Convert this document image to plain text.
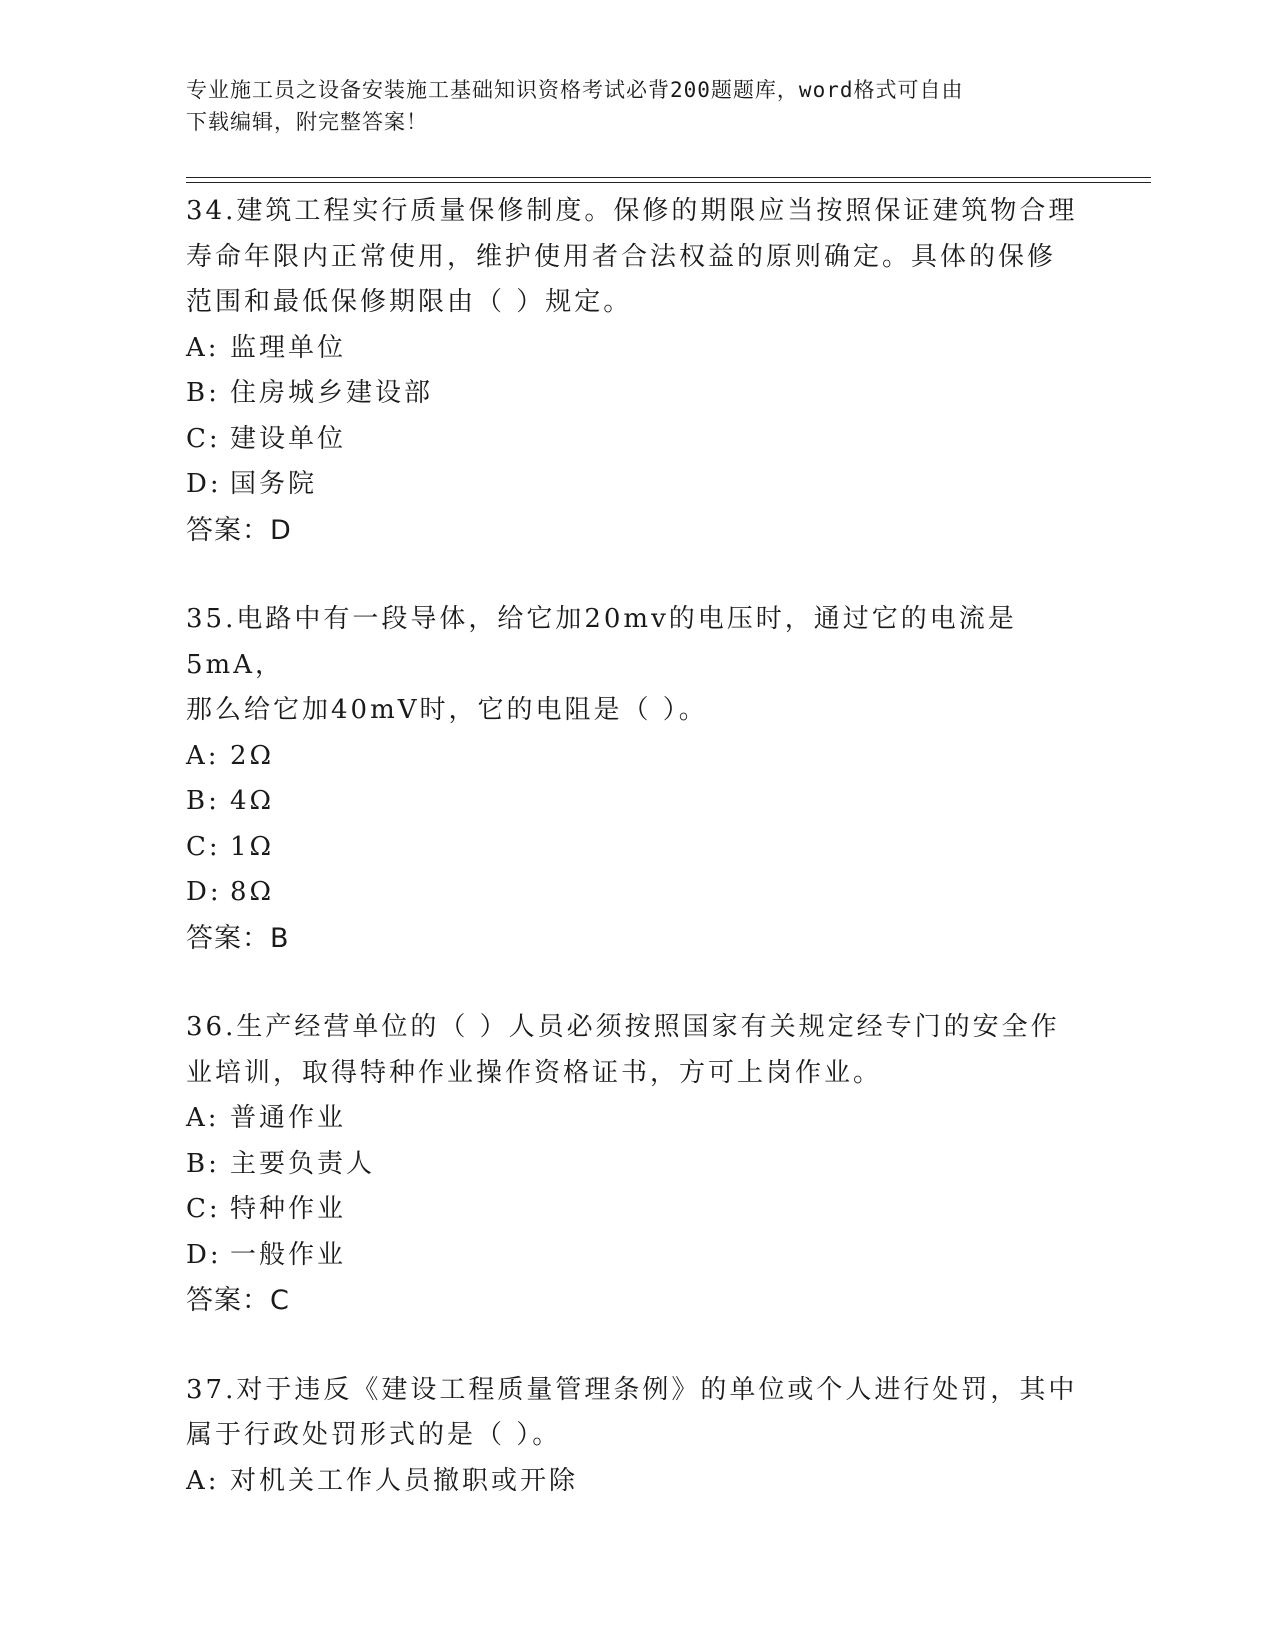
专业施工员之设备安装施工基础知识资格考试必背200题题库，word格式可自由
下载编辑，附完整答案！
34.建筑工程实行质量保修制度。保修的期限应当按照保证建筑物合理
寿命年限内正常使用，维护使用者合法权益的原则确定。具体的保修
范围和最低保修期限由（ ）规定。
A: 监理单位
B: 住房城乡建设部
C: 建设单位
D: 国务院
答案：D
35.电路中有一段导体，给它加20mv的电压时，通过它的电流是5mA，
那么给它加40mV时，它的电阻是（ ）。
A: 2Ω
B: 4Ω
C: 1Ω
D: 8Ω
答案：B
36.生产经营单位的（ ）人员必须按照国家有关规定经专门的安全作
业培训，取得特种作业操作资格证书，方可上岗作业。
A: 普通作业
B: 主要负责人
C: 特种作业
D: 一般作业
答案：C
37.对于违反《建设工程质量管理条例》的单位或个人进行处罚，其中
属于行政处罚形式的是（ ）。
A: 对机关工作人员撤职或开除
